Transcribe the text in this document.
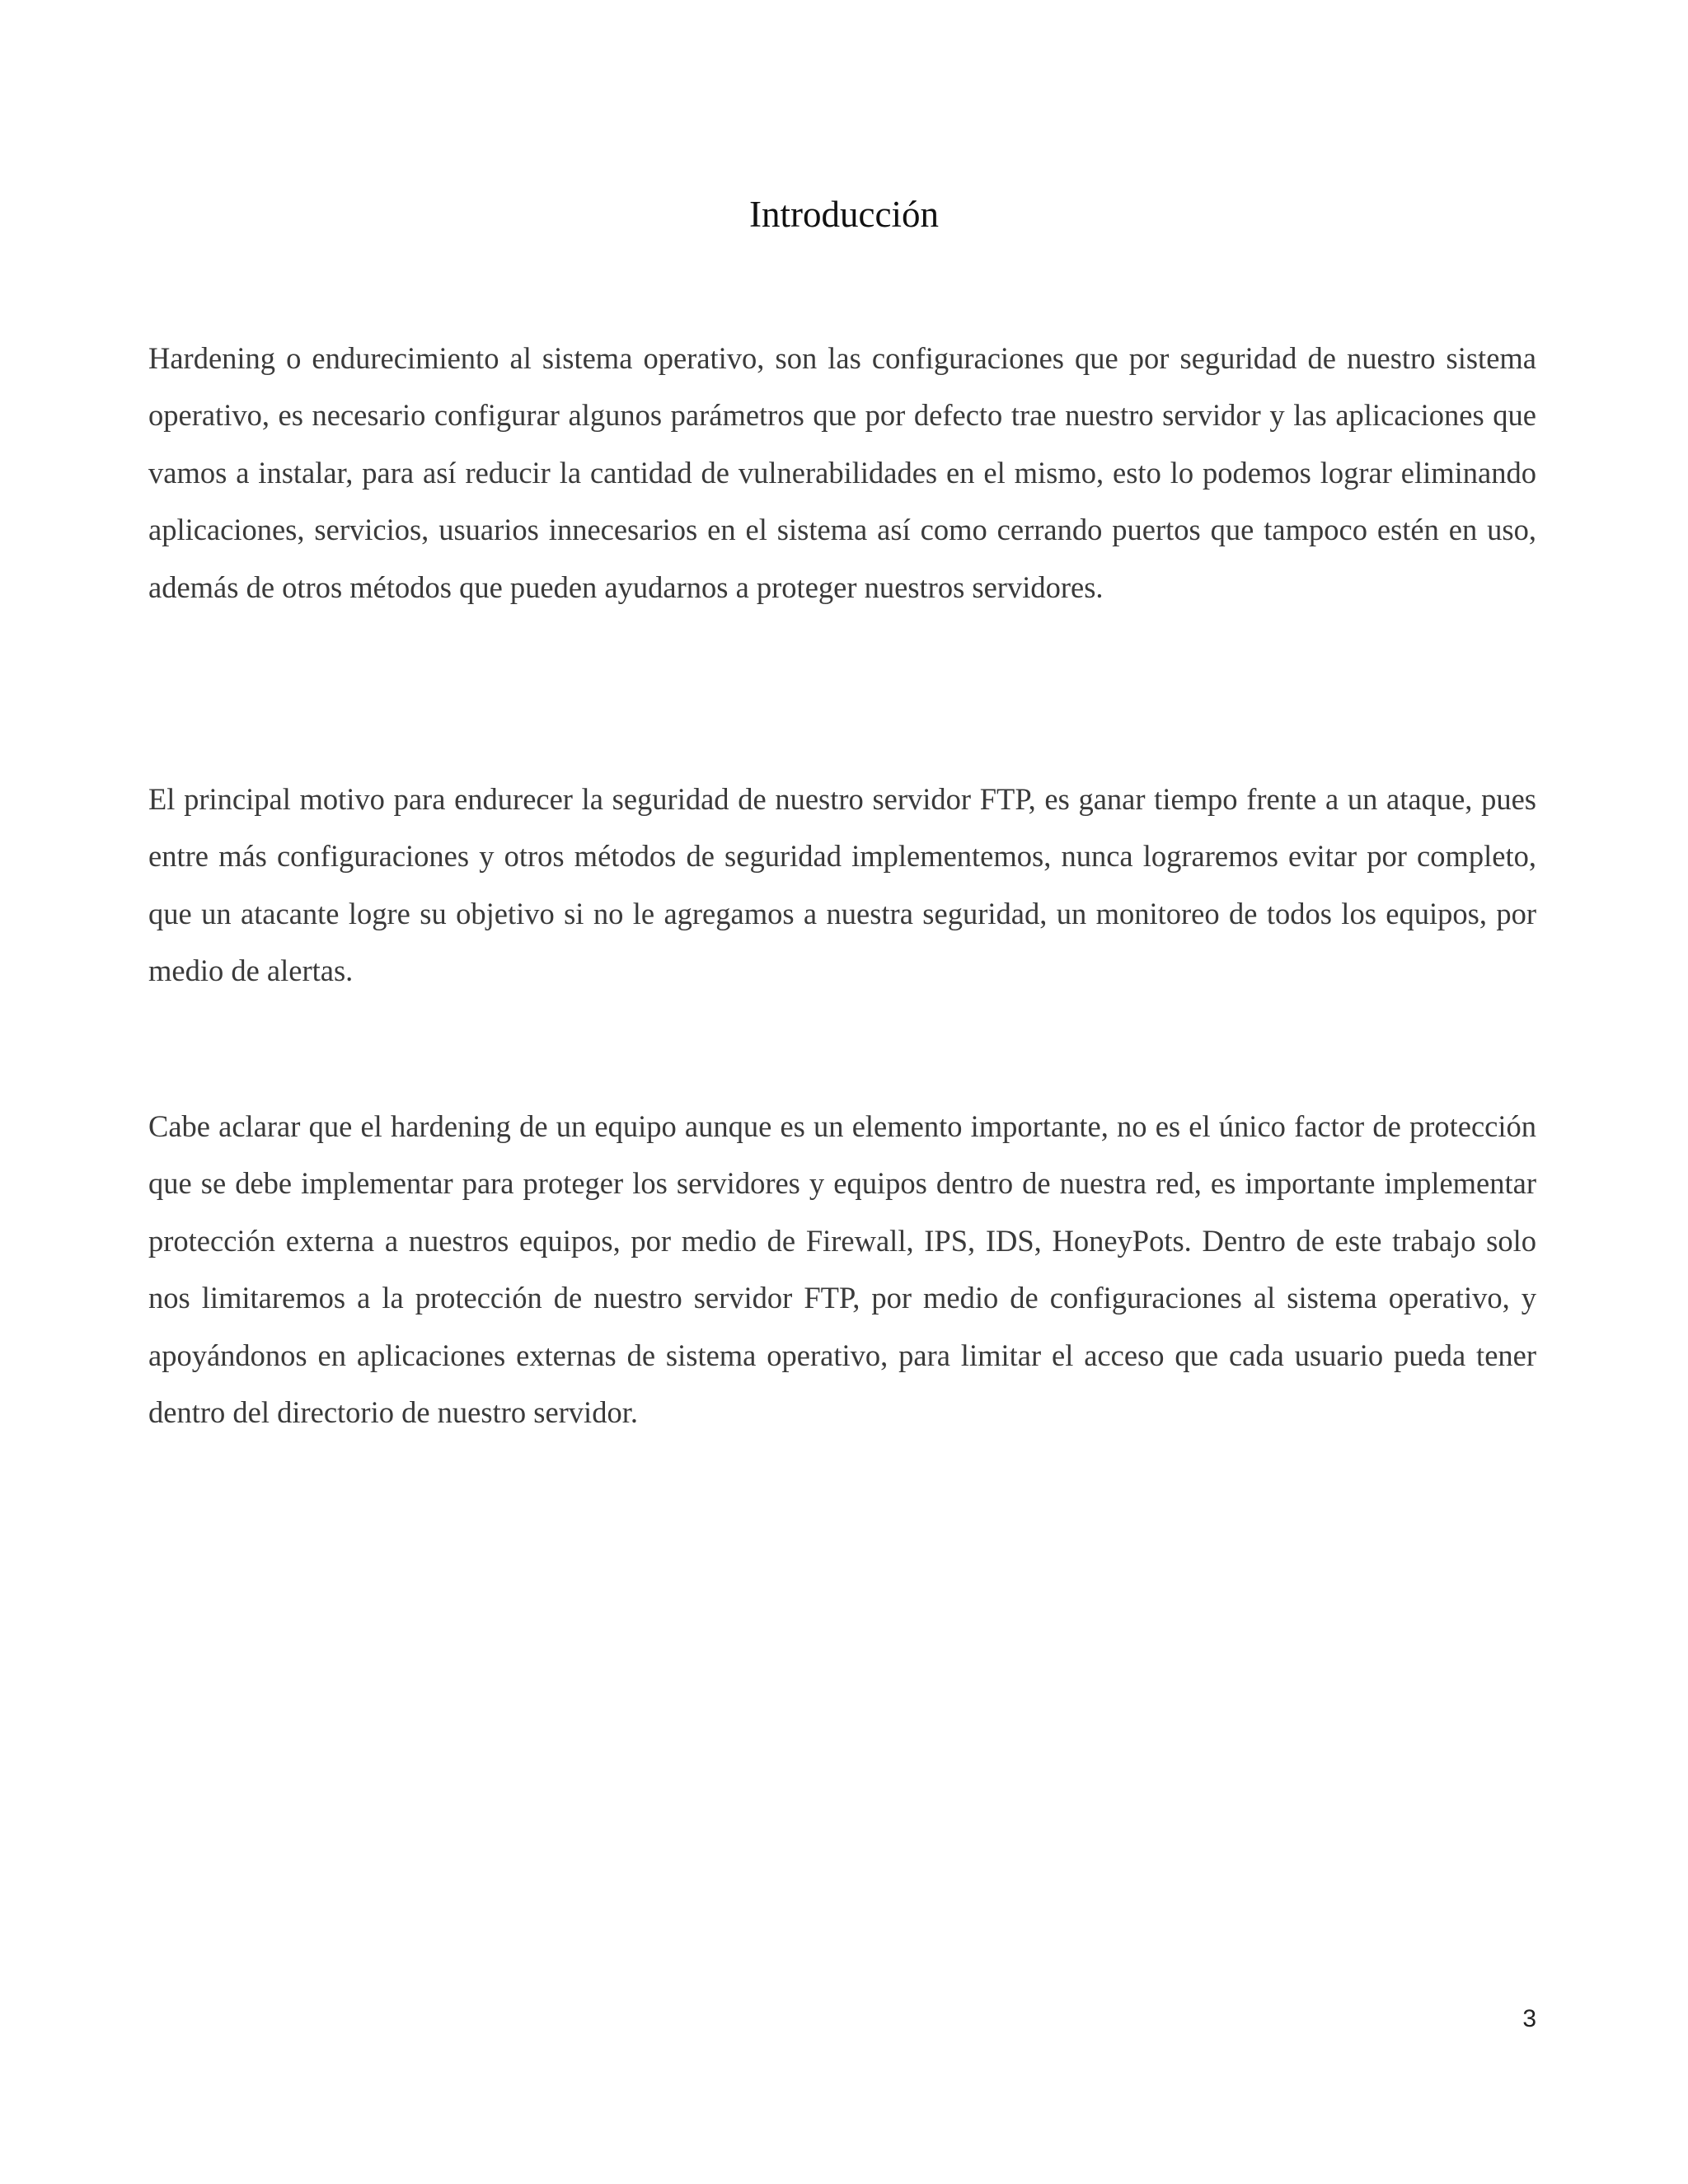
Introducción

Hardening o endurecimiento al sistema operativo, son las configuraciones que por seguridad de nuestro sistema operativo, es necesario configurar algunos parámetros que por defecto trae nuestro servidor y las aplicaciones que vamos a instalar, para así reducir la cantidad de vulnerabilidades en el mismo, esto lo podemos lograr eliminando aplicaciones, servicios, usuarios innecesarios en el sistema así como cerrando puertos que tampoco estén en uso, además de otros métodos que pueden ayudarnos a proteger nuestros servidores.

El principal motivo para endurecer la seguridad de nuestro servidor FTP, es ganar tiempo frente a un ataque, pues entre más configuraciones y otros métodos de seguridad implementemos, nunca lograremos evitar por completo, que un atacante logre su objetivo si no le agregamos a nuestra seguridad, un monitoreo de todos los equipos, por medio de alertas.

Cabe aclarar que el hardening de un equipo aunque es un elemento importante, no es el único factor de protección que se debe implementar para proteger los servidores y equipos dentro de nuestra red, es importante implementar protección externa a nuestros equipos, por medio de Firewall, IPS, IDS, HoneyPots. Dentro de este trabajo solo nos limitaremos a la protección de nuestro servidor FTP, por medio de configuraciones al sistema operativo, y apoyándonos en aplicaciones externas de sistema operativo, para limitar el acceso que cada usuario pueda tener dentro del directorio de nuestro servidor.

3
